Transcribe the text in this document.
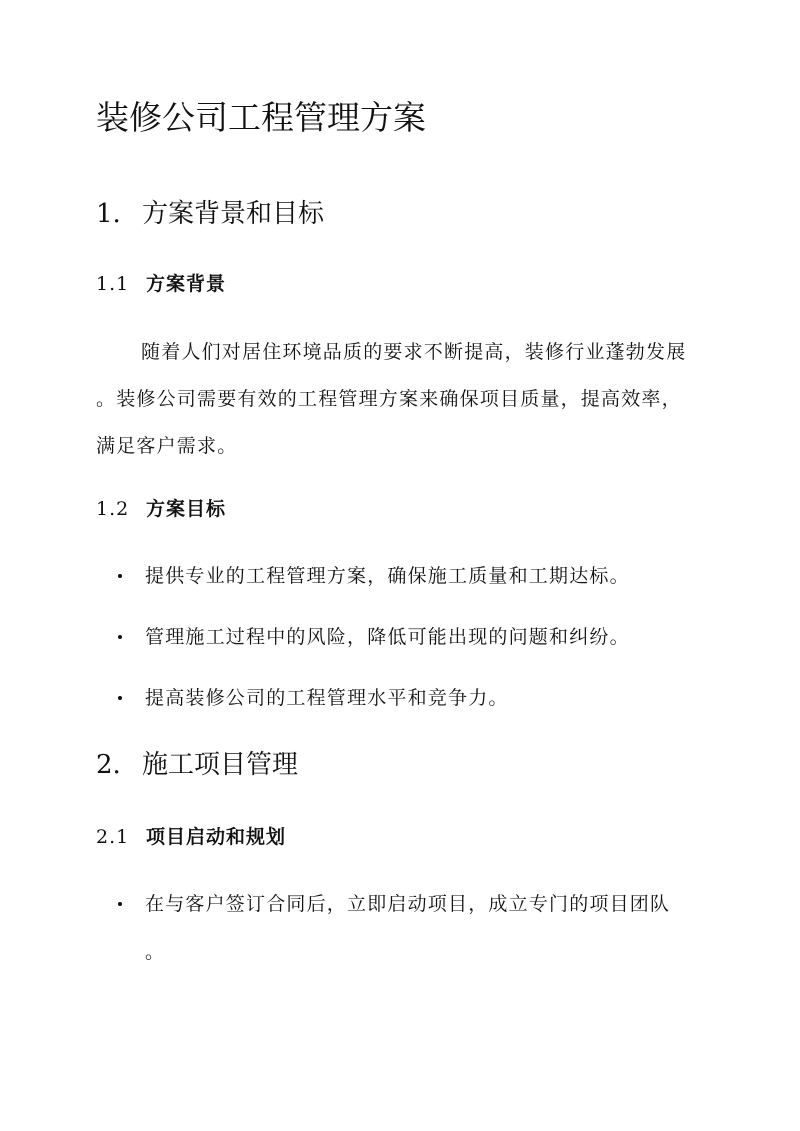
装修公司工程管理方案
1. 方案背景和目标
1.1 方案背景
随着人们对居住环境品质的要求不断提高，装修行业蓬勃发展
。装修公司需要有效的工程管理方案来确保项目质量，提高效率，
满足客户需求。
1.2 方案目标
提供专业的工程管理方案，确保施工质量和工期达标。
管理施工过程中的风险，降低可能出现的问题和纠纷。
提高装修公司的工程管理水平和竞争力。
2. 施工项目管理
2.1 项目启动和规划
在与客户签订合同后，立即启动项目，成立专门的项目团队
。
